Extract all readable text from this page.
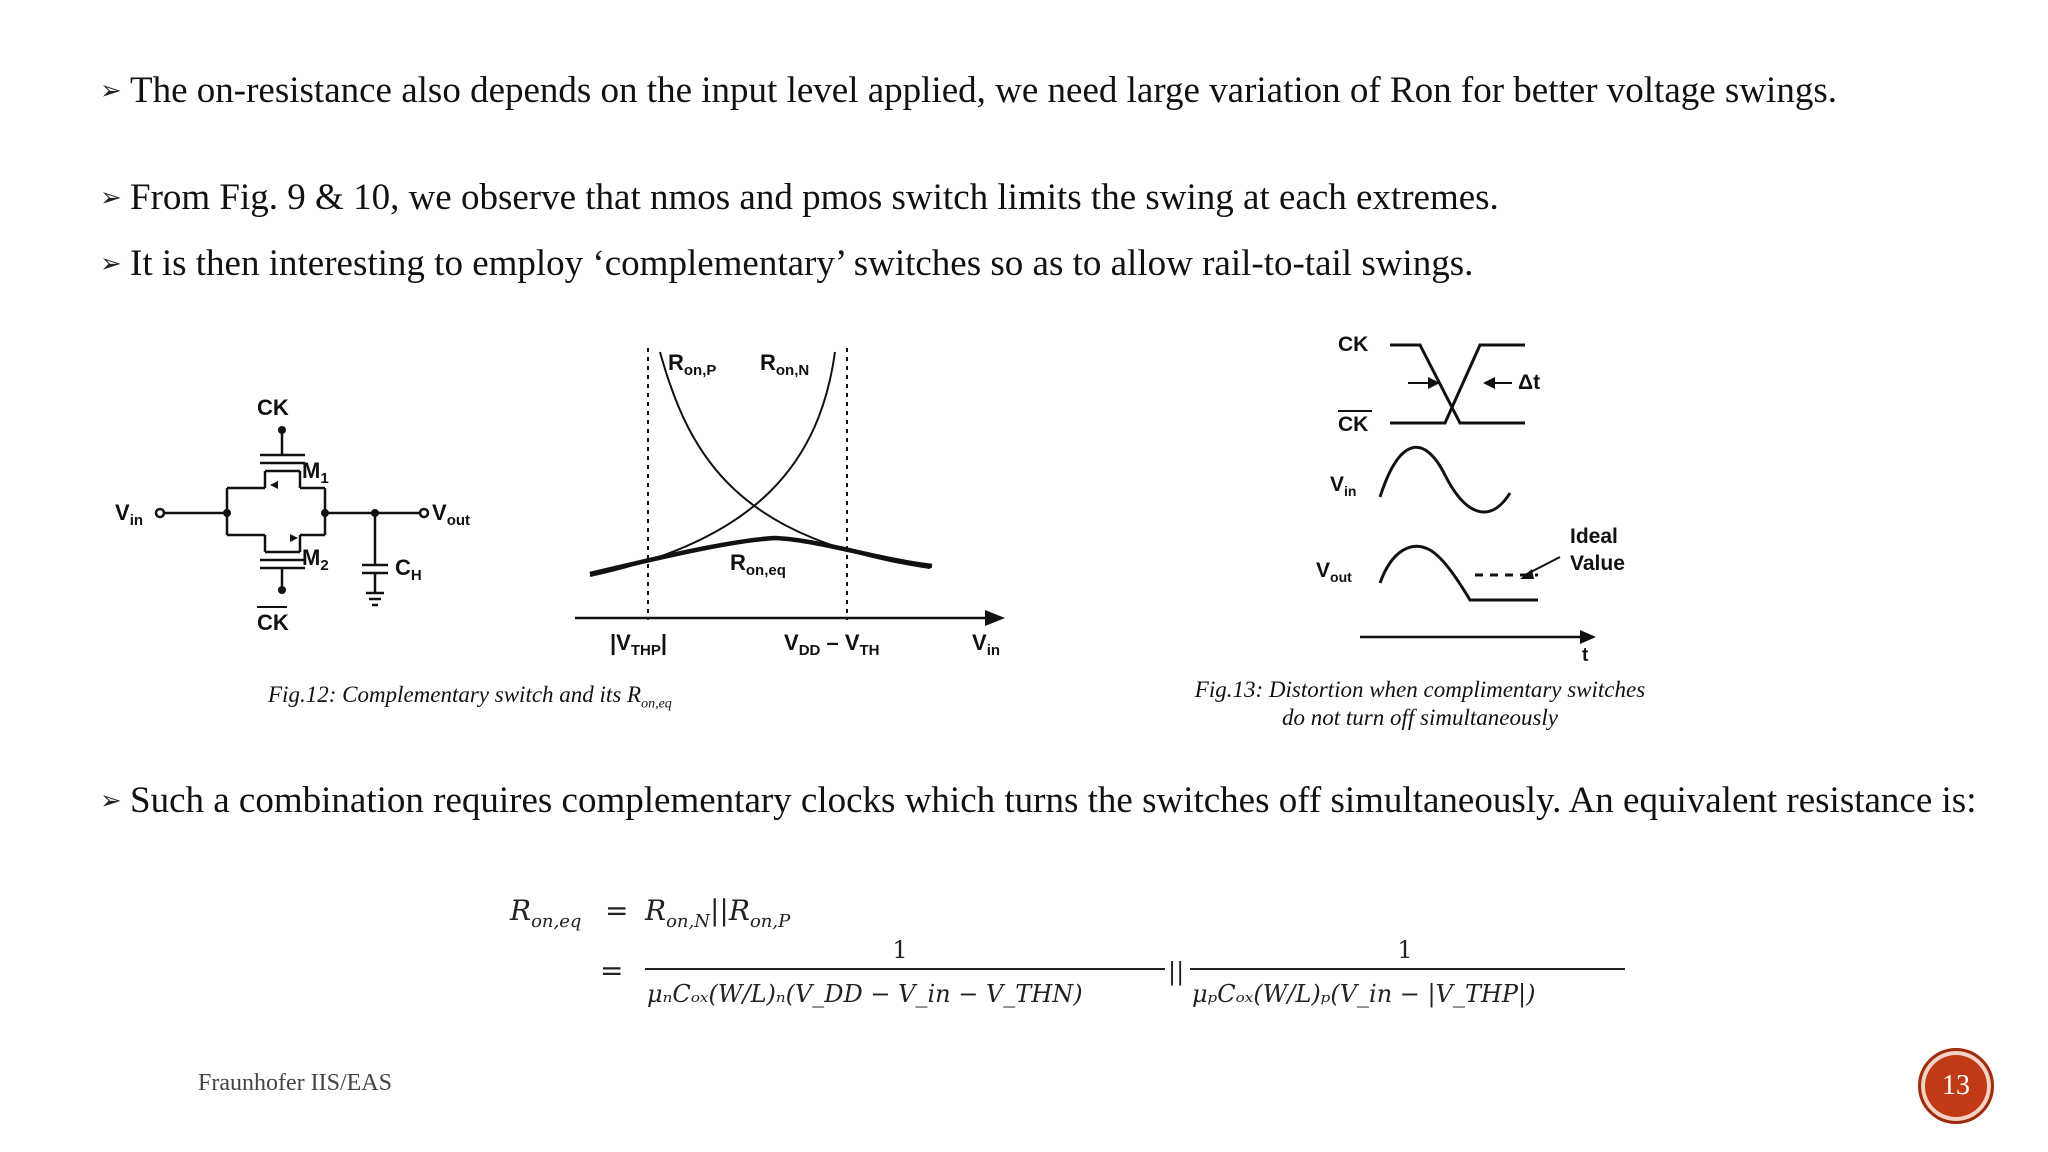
➢ The on-resistance also depends on the input level applied, we need large variation of Ron for better voltage swings.
➢ From Fig. 9 & 10, we observe that nmos and pmos switch limits the swing at each extremes.
➢ It is then interesting to employ ‘complementary’ switches so as to allow rail-to-tail swings.
CK
$M_1$
$M_2$
CK
$V_{in}$	$V_{out}$
$C_H$
$R_{on,P}$ $R_{on,N}$
$R_{on,eq}$
$|V_{THP}|$	$V_{DD} - V_{TH}$	$V_{in}$
Fig.12: Complementary switch and its $R_{on,eq}$
CK
CK
Δt
$V_{in}$
$V_{out}$
Ideal
Value
t
Fig.13: Distortion when complimentary switches
do not turn off simultaneously
➢ Such a combination requires complementary clocks which turns the switches off simultaneously. An equivalent resistance is:
$R_{on,eq} = R_{on,N}||R_{on,P}$
=
1
μₙCₒₓ(W/L)ₙ(V_DD − V_in − V_THN)
||
1
μₚCₒₓ(W/L)ₚ(V_in − |V_THP|)
Fraunhofer IIS/EAS	13
